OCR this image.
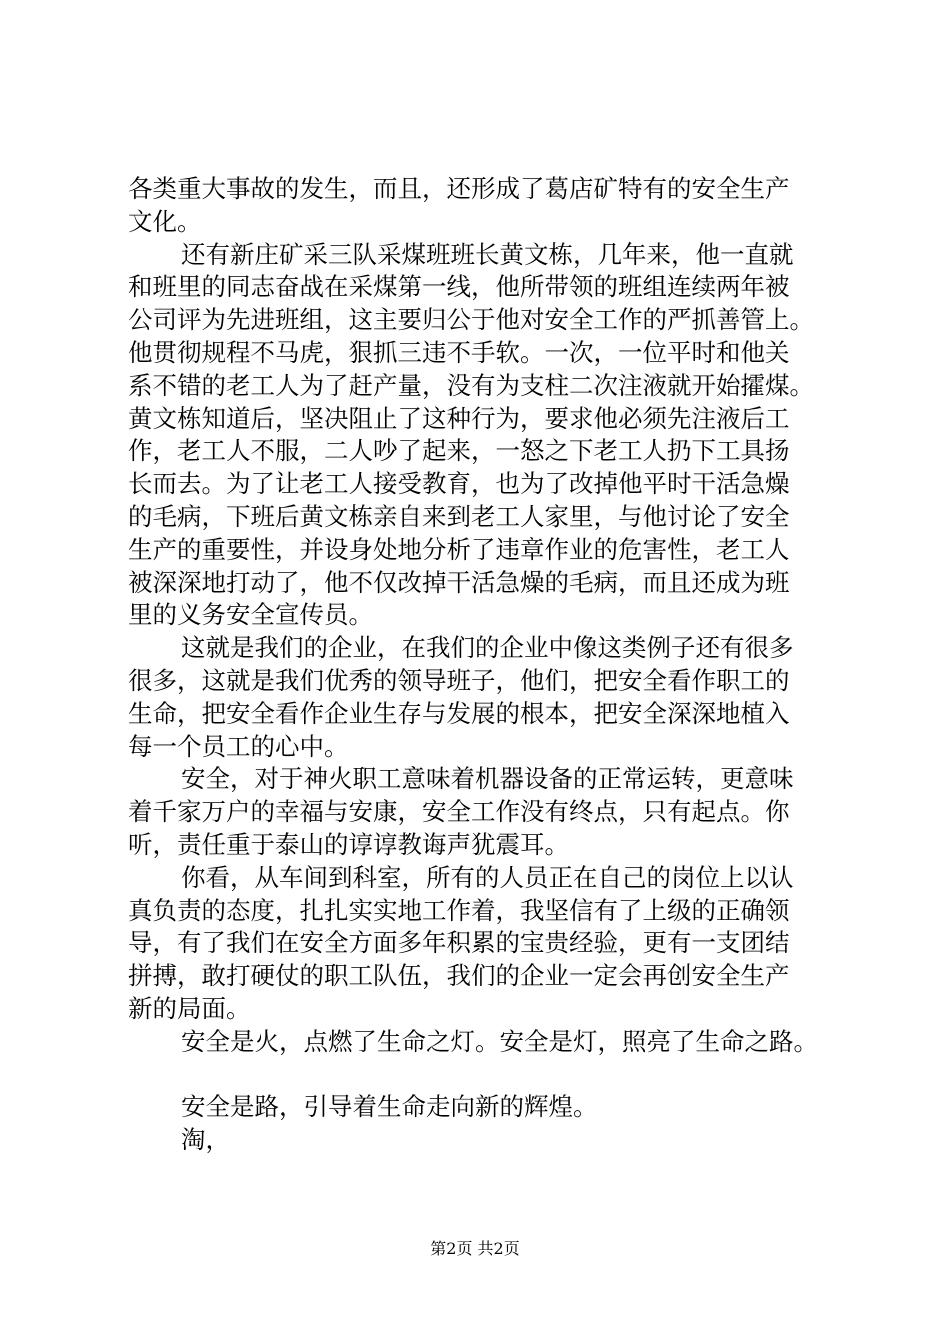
各类重大事故的发生，而且，还形成了葛店矿特有的安全生产
文化。
还有新庄矿采三队采煤班班长黄文栋，几年来，他一直就
和班里的同志奋战在采煤第一线，他所带领的班组连续两年被
公司评为先进班组，这主要归公于他对安全工作的严抓善管上。
他贯彻规程不马虎，狠抓三违不手软。一次，一位平时和他关
系不错的老工人为了赶产量，没有为支柱二次注液就开始攉煤。
黄文栋知道后，坚决阻止了这种行为，要求他必须先注液后工
作，老工人不服，二人吵了起来，一怒之下老工人扔下工具扬
长而去。为了让老工人接受教育，也为了改掉他平时干活急燥
的毛病，下班后黄文栋亲自来到老工人家里，与他讨论了安全
生产的重要性，并设身处地分析了违章作业的危害性，老工人
被深深地打动了，他不仅改掉干活急燥的毛病，而且还成为班
里的义务安全宣传员。
这就是我们的企业，在我们的企业中像这类例子还有很多
很多，这就是我们优秀的领导班子，他们，把安全看作职工的
生命，把安全看作企业生存与发展的根本，把安全深深地植入
每一个员工的心中。
安全，对于神火职工意味着机器设备的正常运转，更意味
着千家万户的幸福与安康，安全工作没有终点，只有起点。你
听，责任重于泰山的谆谆教诲声犹震耳。
你看，从车间到科室，所有的人员正在自己的岗位上以认
真负责的态度，扎扎实实地工作着，我坚信有了上级的正确领
导，有了我们在安全方面多年积累的宝贵经验，更有一支团结
拼搏，敢打硬仗的职工队伍，我们的企业一定会再创安全生产
新的局面。
安全是火，点燃了生命之灯。安全是灯，照亮了生命之路。
安全是路，引导着生命走向新的辉煌。
淘，
第2页 共2页
